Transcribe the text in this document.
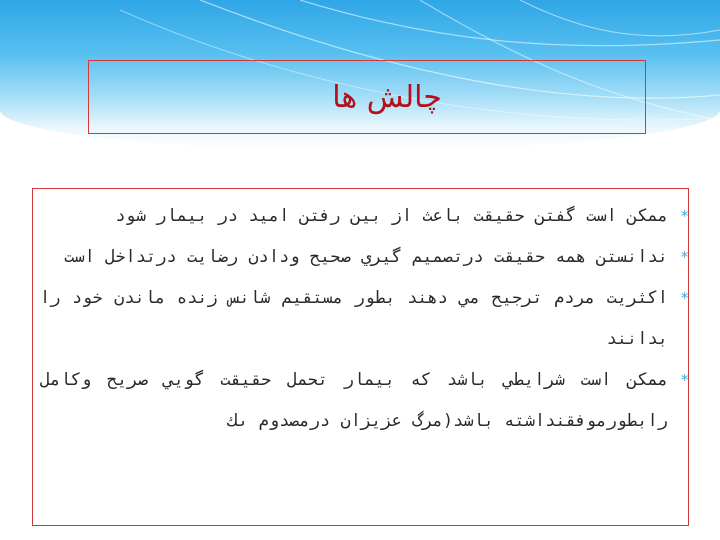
چالش ها
*
ممكن است گفتن حقيقت باعث از بين رفتن اميد در بيمار شود
*
ندانستن همه حقيقت درتصميم گيري صحيح ودادن رضايت درتداخل است
*
اكثريت مردم ترجيح مي دهند بطور مستقيم شانس زنده ماندن خود را بدانند
*
ممكن است شرايطي باشد كه بيمار تحمل حقيقت گويي صريح وكامل رابطورموفقنداشته باشد(مرگ عزيزان درمصدوم ىك
